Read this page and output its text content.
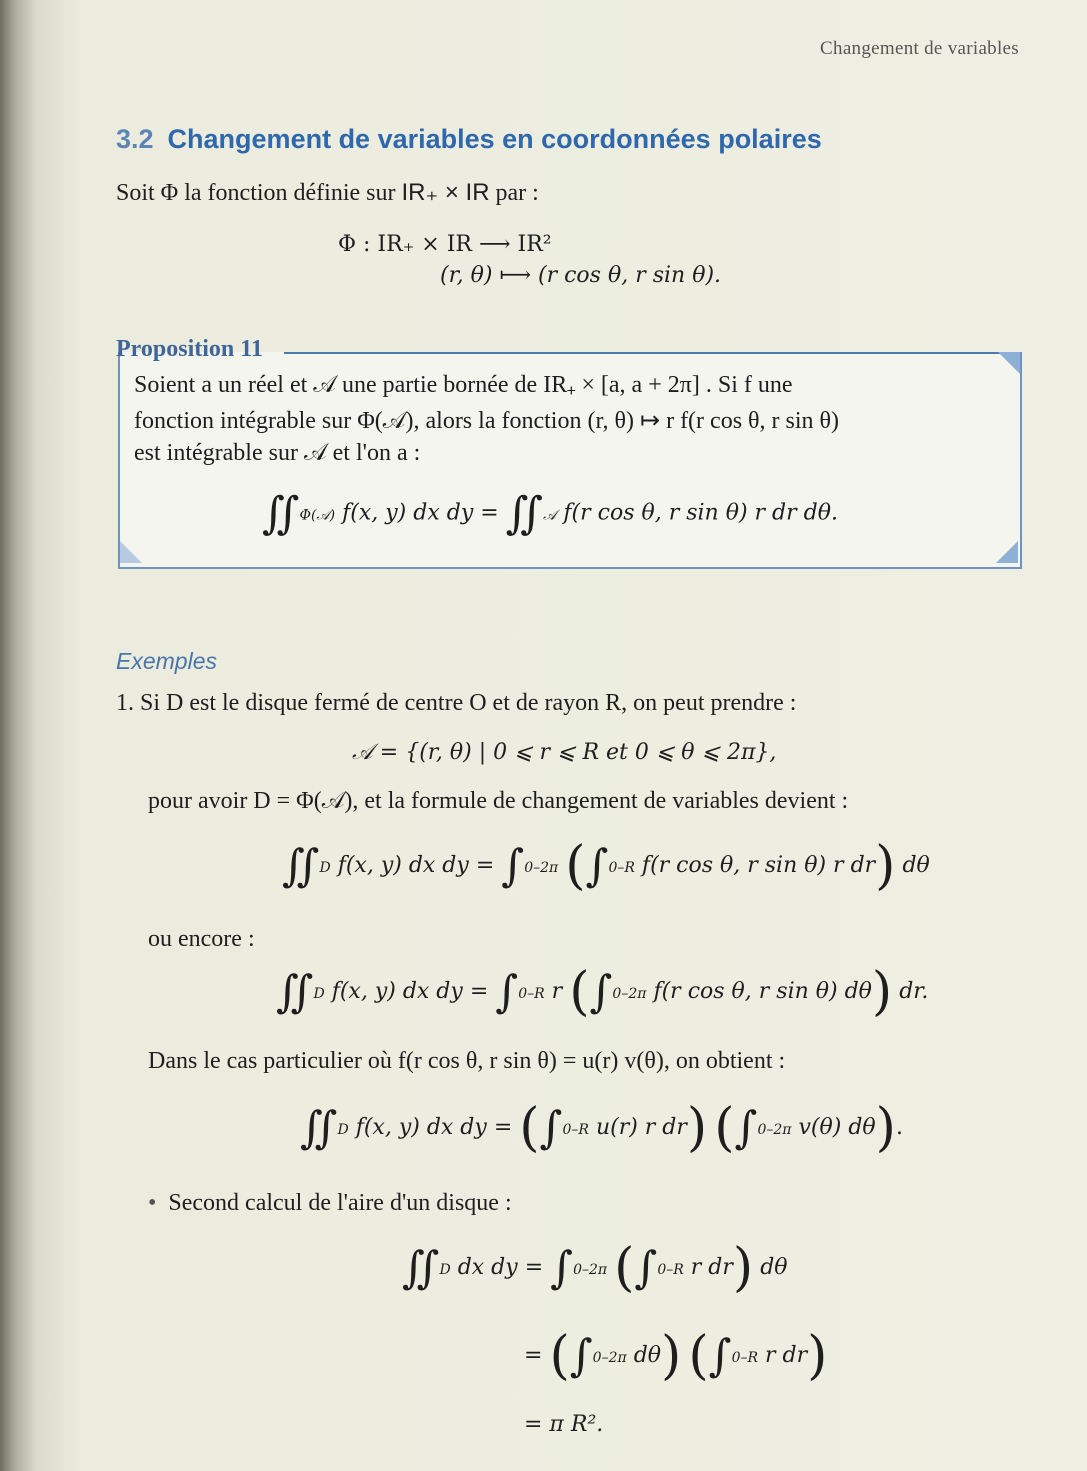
Changement de variables
3.2 Changement de variables en coordonnées polaires
Soit Φ la fonction définie sur IR₊ × IR par :
Φ : IR₊ × IR ⟶ IR²
(r, θ) ⟼ (r cos θ, r sin θ).
Proposition 11
Soient a un réel et 𝒜 une partie bornée de IR₊ × [a, a + 2π] . Si f une
fonction intégrable sur Φ(𝒜), alors la fonction (r, θ) ↦ r f(r cos θ, r sin θ)
est intégrable sur 𝒜 et l'on a :
∬Φ(𝒜) f(x, y) dx dy = ∬𝒜 f(r cos θ, r sin θ) r dr dθ.
Exemples
1. Si D est le disque fermé de centre O et de rayon R, on peut prendre :
𝒜 = {(r, θ) | 0 ⩽ r ⩽ R et 0 ⩽ θ ⩽ 2π},
pour avoir D = Φ(𝒜), et la formule de changement de variables devient :
∬D f(x, y) dx dy = ∫0–2π (∫0–R f(r cos θ, r sin θ) r dr) dθ
ou encore :
∬D f(x, y) dx dy = ∫0–R r (∫0–2π f(r cos θ, r sin θ) dθ) dr.
Dans le cas particulier où f(r cos θ, r sin θ) = u(r) v(θ), on obtient :
∬D f(x, y) dx dy = (∫0–R u(r) r dr) (∫0–2π v(θ) dθ).
• Second calcul de l'aire d'un disque :
∬D dx dy = ∫0–2π (∫0–R r dr) dθ
= (∫0–2π dθ) (∫0–R r dr)
= π R².
